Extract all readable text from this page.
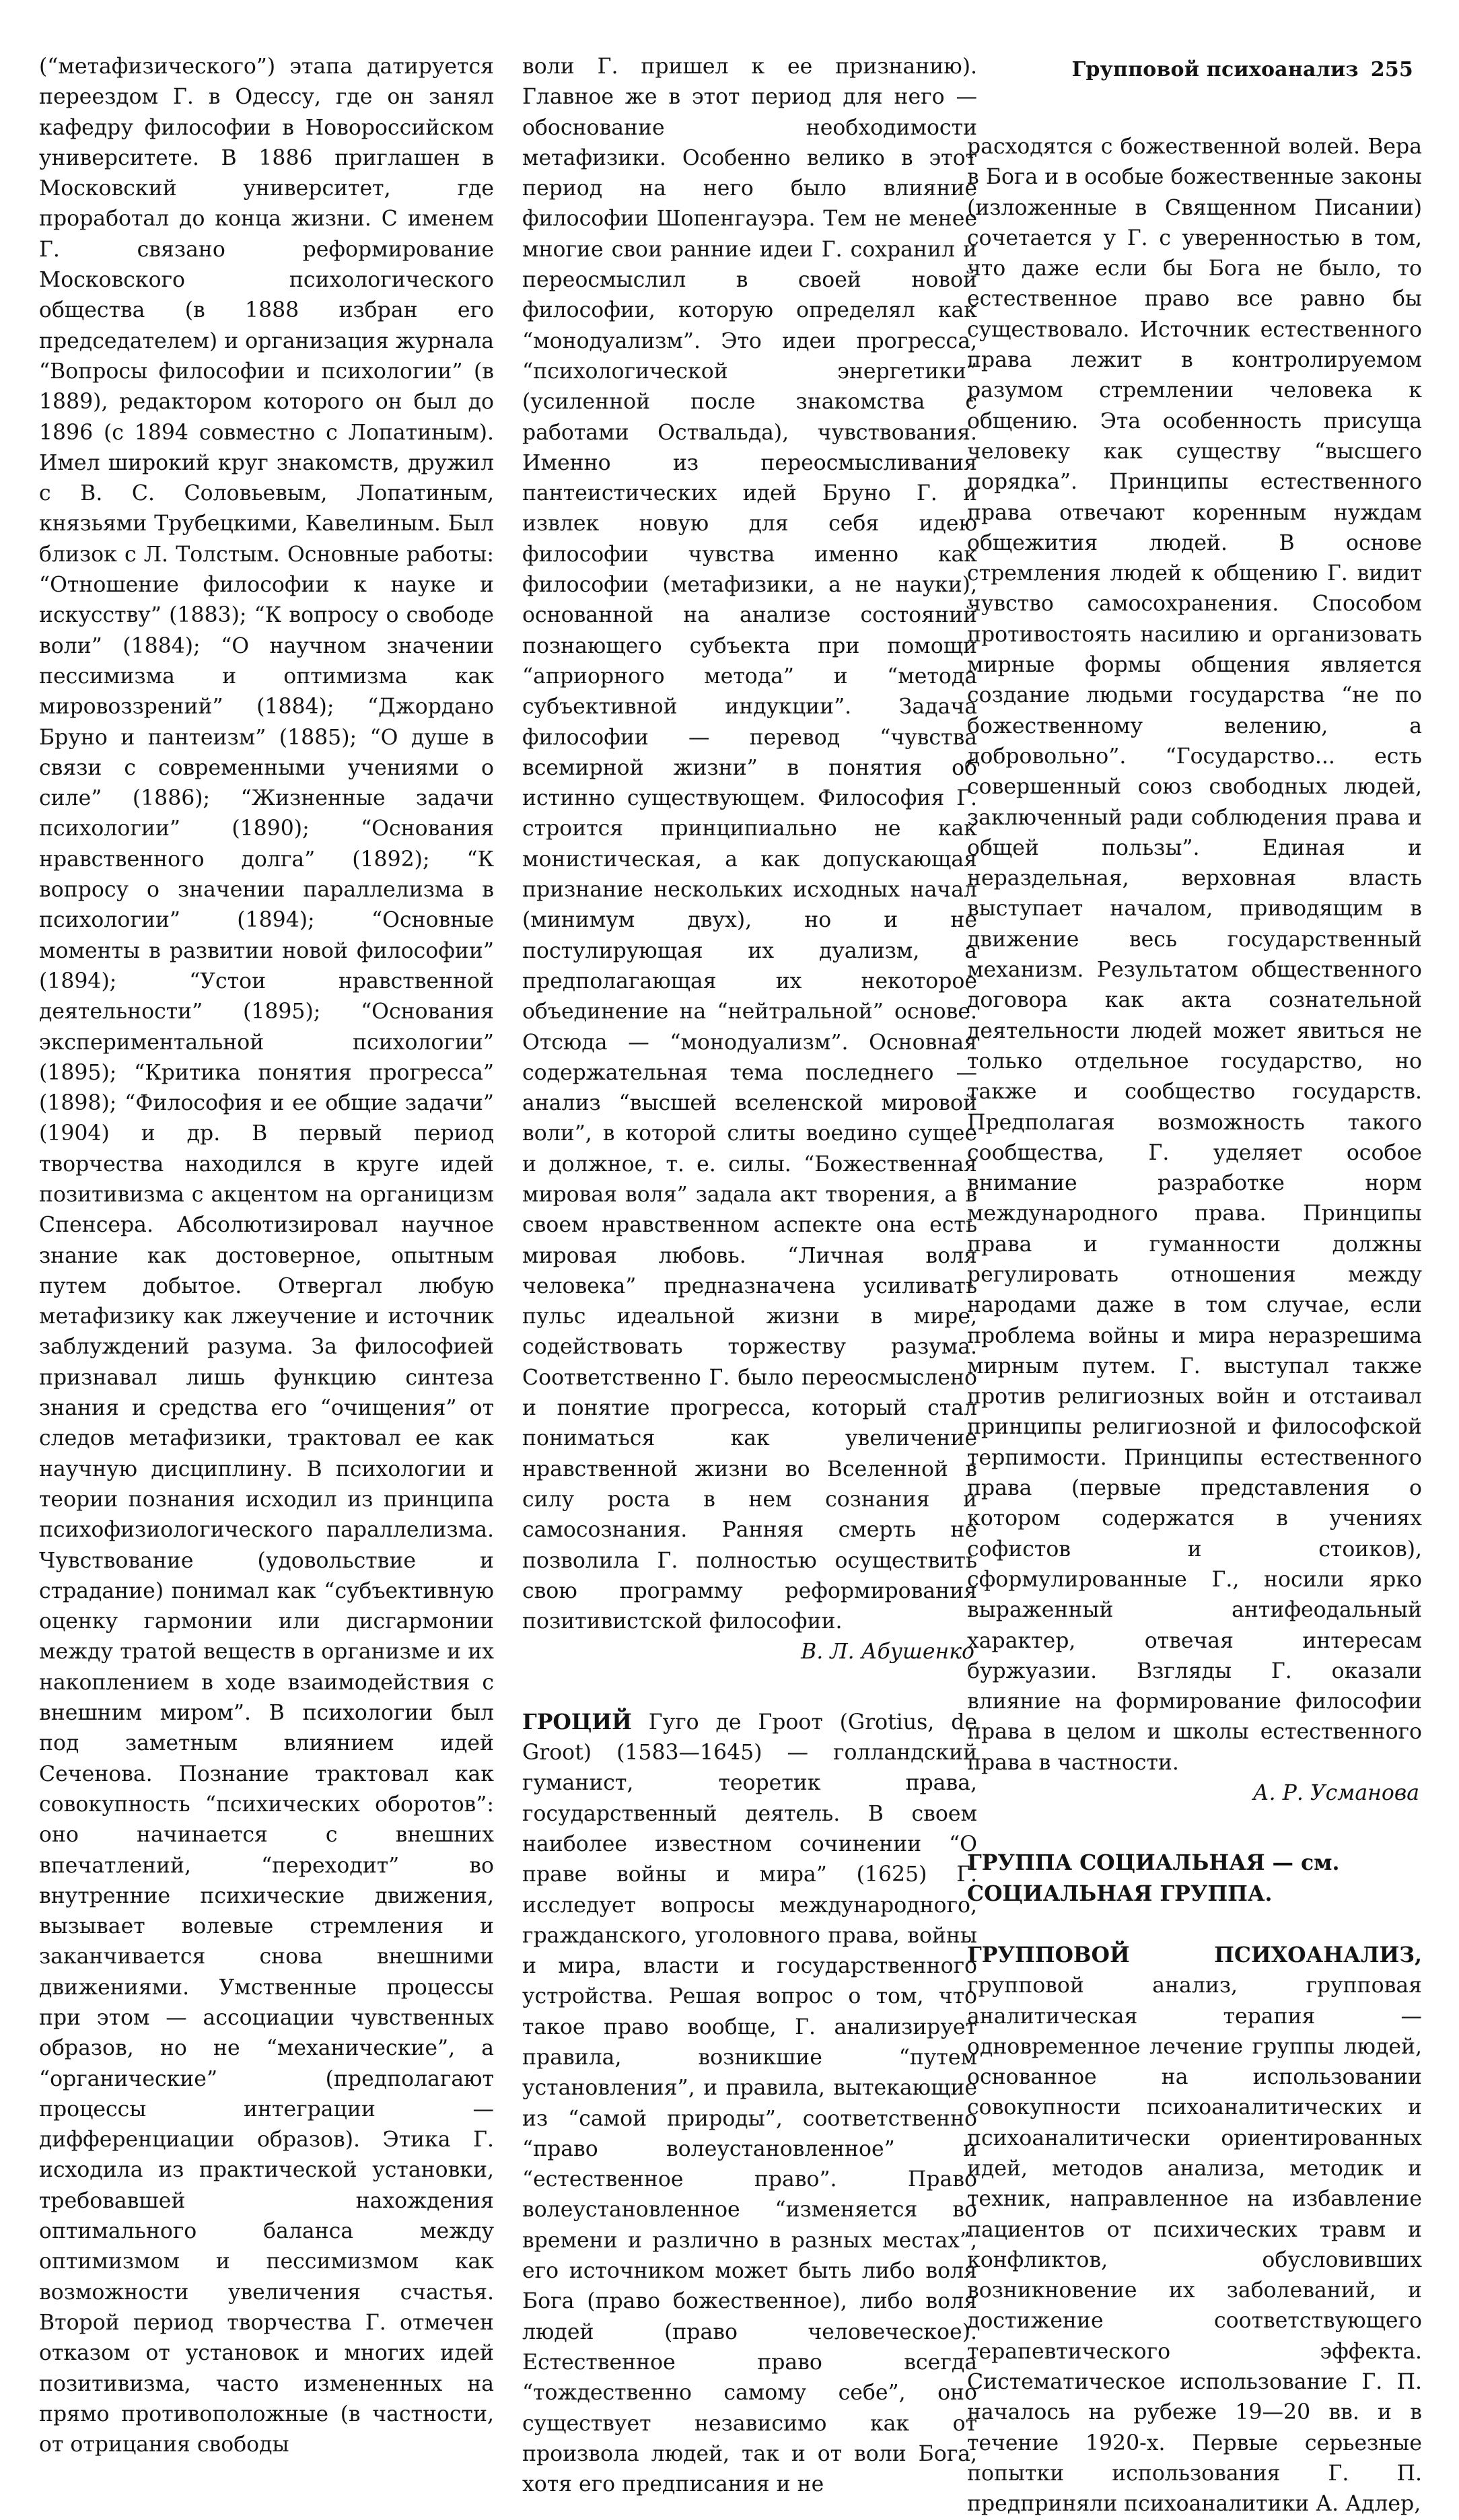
Групповой психоанализ 255

(“метафизического”) этапа датируется переездом Г. в Одессу, где он занял кафедру философии в Новороссийском университете. В 1886 приглашен в Московский университет, где проработал до конца жизни. С именем Г. связано реформирование Московского психологического общества (в 1888 избран его председателем) и организация журнала “Вопросы философии и психологии” (в 1889), редактором которого он был до 1896 (с 1894 совместно с Лопатиным). Имел широкий круг знакомств, дружил с В. С. Соловьевым, Лопатиным, князьями Трубецкими, Кавелиным. Был близок с Л. Толстым. Основные работы: “Отношение философии к науке и искусству” (1883); “К вопросу о свободе воли” (1884); “О научном значении пессимизма и оптимизма как мировоззрений” (1884); “Джордано Бруно и пантеизм” (1885); “О душе в связи с современными учениями о силе” (1886); “Жизненные задачи психологии” (1890); “Основания нравственного долга” (1892); “К вопросу о значении параллелизма в психологии” (1894); “Основные моменты в развитии новой философии” (1894); “Устои нравственной деятельности” (1895); “Основания экспериментальной психологии” (1895); “Критика понятия прогресса” (1898); “Философия и ее общие задачи” (1904) и др. В первый период творчества находился в круге идей позитивизма с акцентом на органицизм Спенсера. Абсолютизировал научное знание как достоверное, опытным путем добытое. Отвергал любую метафизику как лжеучение и источник заблуждений разума. За философией признавал лишь функцию синтеза знания и средства его “очищения” от следов метафизики, трактовал ее как научную дисциплину. В психологии и теории познания исходил из принципа психофизиологического параллелизма. Чувствование (удовольствие и страдание) понимал как “субъективную оценку гармонии или дисгармонии между тратой веществ в организме и их накоплением в ходе взаимодействия с внешним миром”. В психологии был под заметным влиянием идей Сеченова. Познание трактовал как совокупность “психических оборотов”: оно начинается с внешних впечатлений, “переходит” во внутренние психические движения, вызывает волевые стремления и заканчивается снова внешними движениями. Умственные процессы при этом — ассоциации чувственных образов, но не “механические”, а “органические” (предполагают процессы интеграции — дифференциации образов). Этика Г. исходила из практической установки, требовавшей нахождения оптимального баланса между оптимизмом и пессимизмом как возможности увеличения счастья. Второй период творчества Г. отмечен отказом от установок и многих идей позитивизма, часто измененных на прямо противоположные (в частности, от отрицания свободы

воли Г. пришел к ее признанию). Главное же в этот период для него — обоснование необходимости метафизики. Особенно велико в этот период на него было влияние философии Шопенгауэра. Тем не менее многие свои ранние идеи Г. сохранил и переосмыслил в своей новой философии, которую определял как “монодуализм”. Это идеи прогресса, “психологической энергетики” (усиленной после знакомства с работами Оствальда), чувствования. Именно из переосмысливания пантеистических идей Бруно Г. и извлек новую для себя идею философии чувства именно как философии (метафизики, а не науки), основанной на анализе состояний познающего субъекта при помощи “априорного метода” и “метода субъективной индукции”. Задача философии — перевод “чувства всемирной жизни” в понятия об истинно существующем. Философия Г. строится принципиально не как монистическая, а как допускающая признание нескольких исходных начал (минимум двух), но и не постулирующая их дуализм, а предполагающая их некоторое объединение на “нейтральной” основе. Отсюда — “монодуализм”. Основная содержательная тема последнего — анализ “высшей вселенской мировой воли”, в которой слиты воедино сущее и должное, т. е. силы. “Божественная мировая воля” задала акт творения, а в своем нравственном аспекте она есть мировая любовь. “Личная воля человека” предназначена усиливать пульс идеальной жизни в мире, содействовать торжеству разума. Соответственно Г. было переосмыслено и понятие прогресса, который стал пониматься как увеличение нравственной жизни во Вселенной в силу роста в нем сознания и самосознания. Ранняя смерть не позволила Г. полностью осуществить свою программу реформирования позитивистской философии.

В. Л. Абушенко

ГРОЦИЙ Гуго де Гроот (Grotius, de Groot) (1583—1645) — голландский гуманист, теоретик права, государственный деятель. В своем наиболее известном сочинении “О праве войны и мира” (1625) Г. исследует вопросы международного, гражданского, уголовного права, войны и мира, власти и государственного устройства. Решая вопрос о том, что такое право вообще, Г. анализирует правила, возникшие “путем установления”, и правила, вытекающие из “самой природы”, соответственно “право волеустановленное” и “естественное право”. Право волеустановленное “изменяется во времени и различно в разных местах”, его источником может быть либо воля Бога (право божественное), либо воля людей (право человеческое). Естественное право всегда “тождественно самому себе”, оно существует независимо как от произвола людей, так и от воли Бога, хотя его предписания и не

расходятся с божественной волей. Вера в Бога и в особые божественные законы (изложенные в Священном Писании) сочетается у Г. с уверенностью в том, что даже если бы Бога не было, то естественное право все равно бы существовало. Источник естественного права лежит в контролируемом разумом стремлении человека к общению. Эта особенность присуща человеку как существу “высшего порядка”. Принципы естественного права отвечают коренным нуждам общежития людей. В основе стремления людей к общению Г. видит чувство самосохранения. Способом противостоять насилию и организовать мирные формы общения является создание людьми государства “не по божественному велению, а добровольно”. “Государство... есть совершенный союз свободных людей, заключенный ради соблюдения права и общей пользы”. Единая и нераздельная, верховная власть выступает началом, приводящим в движение весь государственный механизм. Результатом общественного договора как акта сознательной деятельности людей может явиться не только отдельное государство, но также и сообщество государств. Предполагая возможность такого сообщества, Г. уделяет особое внимание разработке норм международного права. Принципы права и гуманности должны регулировать отношения между народами даже в том случае, если проблема войны и мира неразрешима мирным путем. Г. выступал также против религиозных войн и отстаивал принципы религиозной и философской терпимости. Принципы естественного права (первые представления о котором содержатся в учениях софистов и стоиков), сформулированные Г., носили ярко выраженный антифеодальный характер, отвечая интересам буржуазии. Взгляды Г. оказали влияние на формирование философии права в целом и школы естественного права в частности.

А. Р. Усманова

ГРУППА СОЦИАЛЬНАЯ — см. СОЦИАЛЬНАЯ ГРУППА.

ГРУППОВОЙ ПСИХОАНАЛИЗ, групповой анализ, групповая аналитическая терапия — одновременное лечение группы людей, основанное на использовании совокупности психоаналитических и психоаналитически ориентированных идей, методов анализа, методик и техник, направленное на избавление пациентов от психических травм и конфликтов, обусловивших возникновение их заболеваний, и достижение соответствующего терапевтического эффекта. Систематическое использование Г. П. началось на рубеже 19—20 вв. и в течение 1920-х. Первые серьезные попытки использования Г. П. предприняли психоаналитики А. Адлер,
